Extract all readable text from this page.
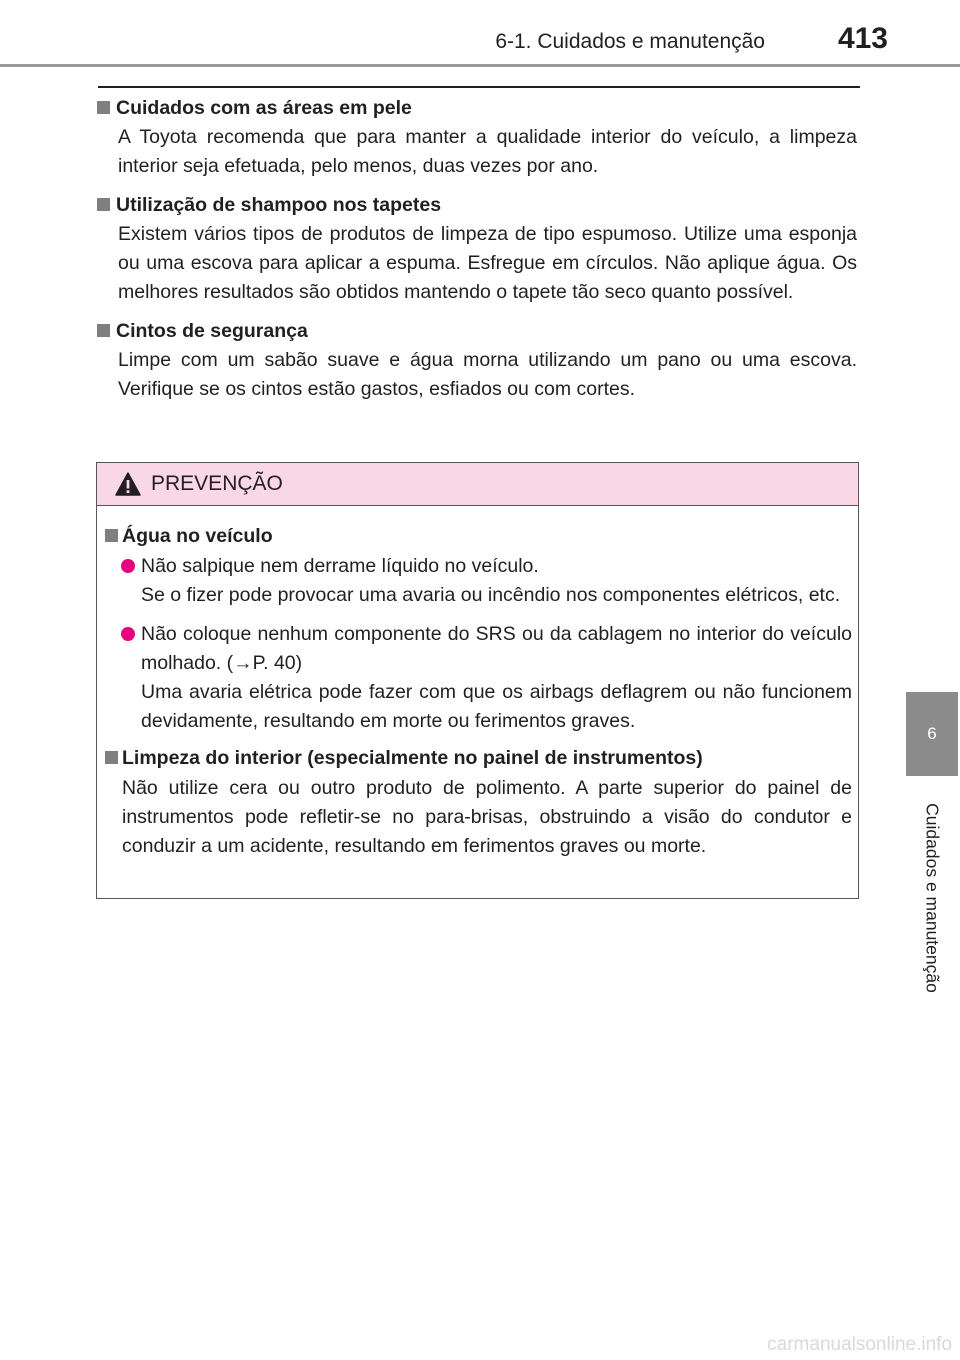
6-1. Cuidados e manutenção 413
Cuidados com as áreas em pele
A Toyota recomenda que para manter a qualidade interior do veículo, a limpeza interior seja efetuada, pelo menos, duas vezes por ano.
Utilização de shampoo nos tapetes
Existem vários tipos de produtos de limpeza de tipo espumoso. Utilize uma esponja ou uma escova para aplicar a espuma. Esfregue em círculos. Não aplique água. Os melhores resultados são obtidos mantendo o tapete tão seco quanto possível.
Cintos de segurança
Limpe com um sabão suave e água morna utilizando um pano ou uma escova. Verifique se os cintos estão gastos, esfiados ou com cortes.
PREVENÇÃO
Água no veículo
Não salpique nem derrame líquido no veículo.
Se o fizer pode provocar uma avaria ou incêndio nos componentes elétricos, etc.
Não coloque nenhum componente do SRS ou da cablagem no interior do veículo molhado. (→P. 40)
Uma avaria elétrica pode fazer com que os airbags deflagrem ou não funcionem devidamente, resultando em morte ou ferimentos graves.
Limpeza do interior (especialmente no painel de instrumentos)
Não utilize cera ou outro produto de polimento. A parte superior do painel de instrumentos pode refletir-se no para-brisas, obstruindo a visão do condutor e conduzir a um acidente, resultando em ferimentos graves ou morte.
6
Cuidados e manutenção
carmanualsonline.info
